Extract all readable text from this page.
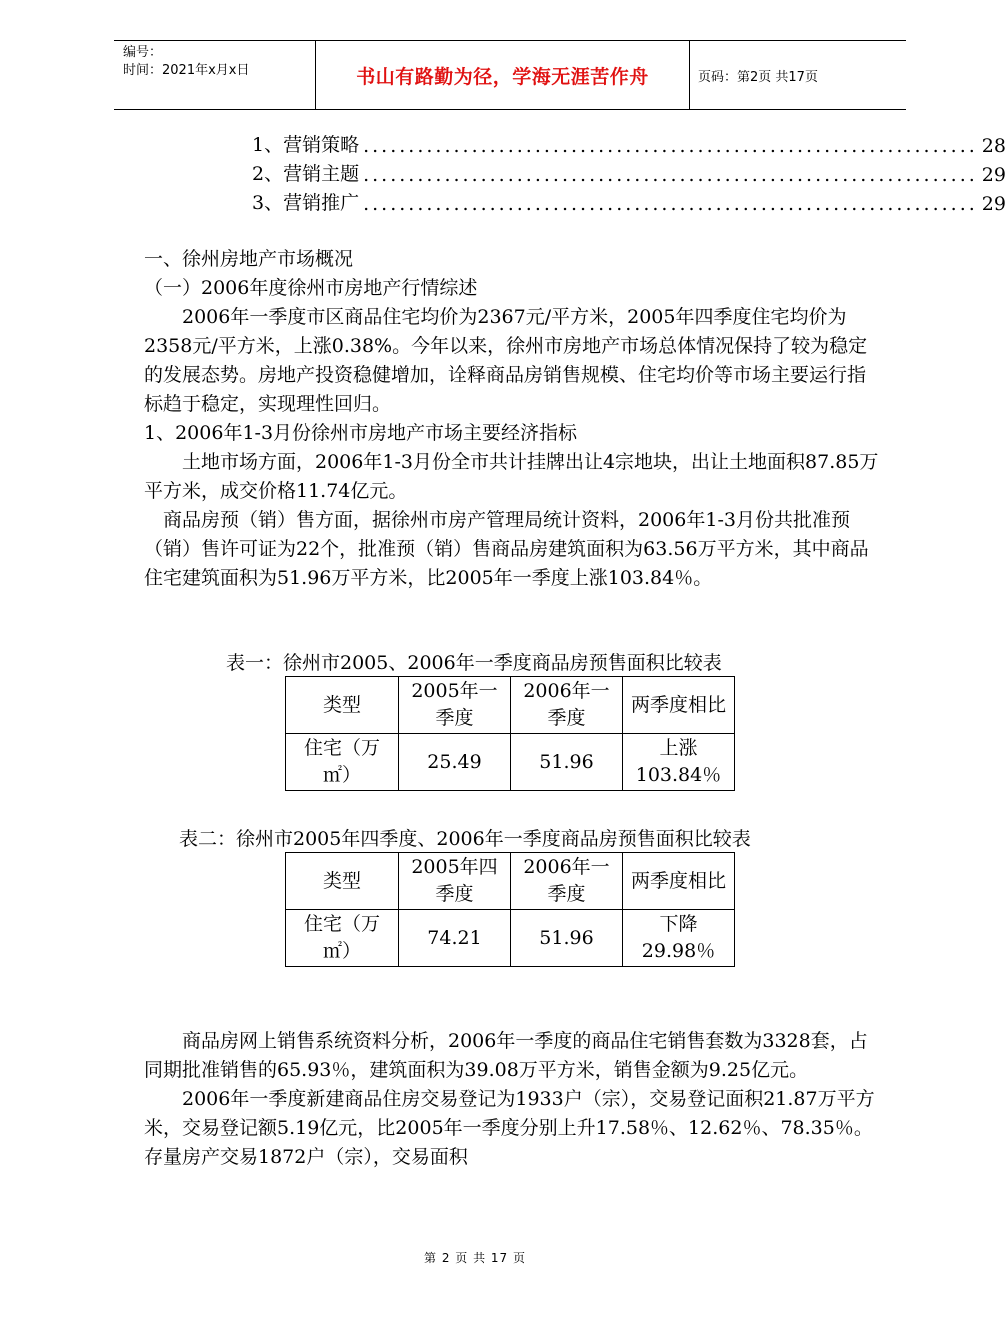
编号：
时间：2021年x月x日	书山有路勤为径，学海无涯苦作舟	页码：第2页 共17页
1、营销策略 .................................................................... 28
2、营销主题 .................................................................... 29
3、营销推广 .................................................................... 29

一、徐州房地产市场概况

（一）2006年度徐州市房地产行情综述

2006年一季度市区商品住宅均价为2367元/平方米，2005年四季度住宅均价为2358元/平方米，上涨0.38%。今年以来，徐州市房地产市场总体情况保持了较为稳定的发展态势。房地产投资稳健增加，诠释商品房销售规模、住宅均价等市场主要运行指标趋于稳定，实现理性回归。

1、2006年1-3月份徐州市房地产市场主要经济指标

土地市场方面，2006年1-3月份全市共计挂牌出让4宗地块，出让土地面积87.85万平方米，成交价格11.74亿元。

商品房预（销）售方面，据徐州市房产管理局统计资料，2006年1-3月份共批准预（销）售许可证为22个，批准预（销）售商品房建筑面积为63.56万平方米，其中商品住宅建筑面积为51.96万平方米，比2005年一季度上涨103.84％。

表一：徐州市2005、2006年一季度商品房预售面积比较表
类型	2005年一季度	2006年一季度	两季度相比
住宅（万㎡）	25.49	51.96	上涨103.84％
表二：徐州市2005年四季度、2006年一季度商品房预售面积比较表
类型	2005年四季度	2006年一季度	两季度相比
住宅（万㎡）	74.21	51.96	下降29.98％

商品房网上销售系统资料分析，2006年一季度的商品住宅销售套数为3328套，占同期批准销售的65.93％，建筑面积为39.08万平方米，销售金额为9.25亿元。

2006年一季度新建商品住房交易登记为1933户（宗），交易登记面积21.87万平方米，交易登记额5.19亿元，比2005年一季度分别上升17.58％、12.62％、78.35％。存量房产交易1872户（宗），交易面积

第 2 页 共 17 页
